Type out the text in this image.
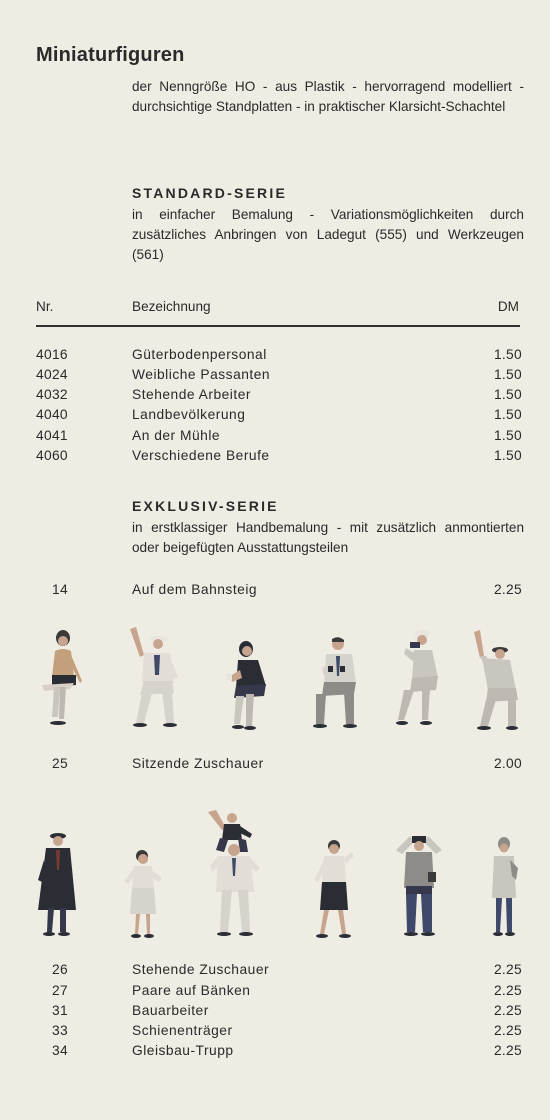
Miniaturfiguren
der Nenngröße HO - aus Plastik - hervorragend modelliert - durchsichtige Standplatten - in praktischer Klarsicht-Schachtel
STANDARD-SERIE
in einfacher Bemalung - Variationsmöglichkeiten durch zusätzliches Anbringen von Ladegut (555) und Werkzeugen (561)
Nr.	Bezeichnung	DM
4016	Güterbodenpersonal	1.50
4024	Weibliche Passanten	1.50
4032	Stehende Arbeiter	1.50
4040	Landbevölkerung	1.50
4041	An der Mühle	1.50
4060	Verschiedene Berufe	1.50
EXKLUSIV-SERIE
in erstklassiger Handbemalung - mit zusätzlich anmontierten oder beigefügten Ausstattungsteilen
14	Auf dem Bahnsteig	2.25
25	Sitzende Zuschauer	2.00
26	Stehende Zuschauer	2.25
27	Paare auf Bänken	2.25
31	Bauarbeiter	2.25
33	Schienenträger	2.25
34	Gleisbau-Trupp	2.25
